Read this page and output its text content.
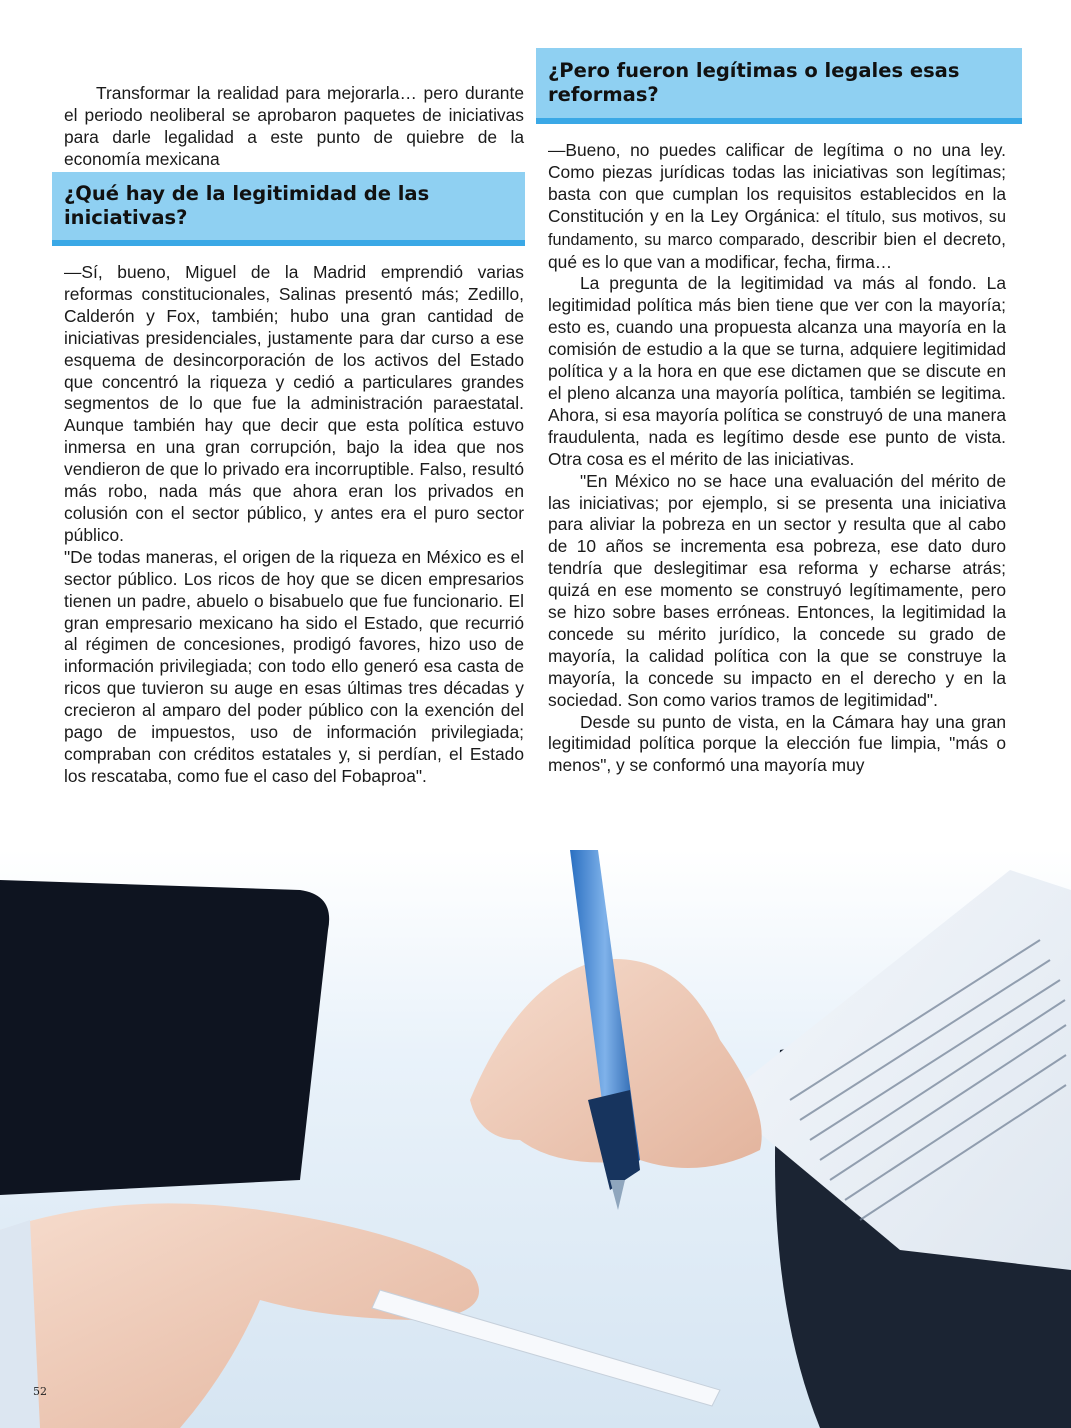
Transformar la realidad para mejorarla… pero durante el periodo neoliberal se aprobaron paquetes de iniciativas para darle legalidad a este punto de quiebre de la economía mexicana

¿Qué hay de la legitimidad de las iniciativas?

—Sí, bueno, Miguel de la Madrid emprendió varias reformas constitucionales, Salinas presentó más; Zedillo, Calderón y Fox, también; hubo una gran cantidad de iniciativas presidenciales, justamente para dar curso a ese esquema de desincorporación de los activos del Estado que concentró la riqueza y cedió a particulares grandes segmentos de lo que fue la administración paraestatal. Aunque también hay que decir que esta política estuvo inmersa en una gran corrupción, bajo la idea que nos vendieron de que lo privado era incorruptible. Falso, resultó más robo, nada más que ahora eran los privados en colusión con el sector público, y antes era el puro sector público.

"De todas maneras, el origen de la riqueza en México es el sector público. Los ricos de hoy que se dicen empresarios tienen un padre, abuelo o bisabuelo que fue funcionario. El gran empresario mexicano ha sido el Estado, que recurrió al régimen de concesiones, prodigó favores, hizo uso de información privilegiada; con todo ello generó esa casta de ricos que tuvieron su auge en esas últimas tres décadas y crecieron al amparo del poder público con la exención del pago de impuestos, uso de información privilegiada; compraban con créditos estatales y, si perdían, el Estado los rescataba, como fue el caso del Fobaproa".

¿Pero fueron legítimas o legales esas reformas?

—Bueno, no puedes calificar de legítima o no una ley. Como piezas jurídicas todas las iniciativas son legítimas; basta con que cumplan los requisitos establecidos en la Constitución y en la Ley Orgánica: el título, sus motivos, su fundamento, su marco comparado, describir bien el decreto, qué es lo que van a modificar, fecha, firma…

La pregunta de la legitimidad va más al fondo. La legitimidad política más bien tiene que ver con la mayoría; esto es, cuando una propuesta alcanza una mayoría en la comisión de estudio a la que se turna, adquiere legitimidad política y a la hora en que ese dictamen que se discute en el pleno alcanza una mayoría política, también se legitima. Ahora, si esa mayoría política se construyó de una manera fraudulenta, nada es legítimo desde ese punto de vista. Otra cosa es el mérito de las iniciativas.

"En México no se hace una evaluación del mérito de las iniciativas; por ejemplo, si se presenta una iniciativa para aliviar la pobreza en un sector y resulta que al cabo de 10 años se incrementa esa pobreza, ese dato duro tendría que deslegitimar esa reforma y echarse atrás; quizá en ese momento se construyó legítimamente, pero se hizo sobre bases erróneas. Entonces, la legitimidad la concede su mérito jurídico, la concede su grado de mayoría, la calidad política con la que se construye la mayoría, la concede su impacto en el derecho y en la sociedad. Son como varios tramos de legitimidad".

Desde su punto de vista, en la Cámara hay una gran legitimidad política porque la elección fue limpia, "más o menos", y se conformó una mayoría muy

52
